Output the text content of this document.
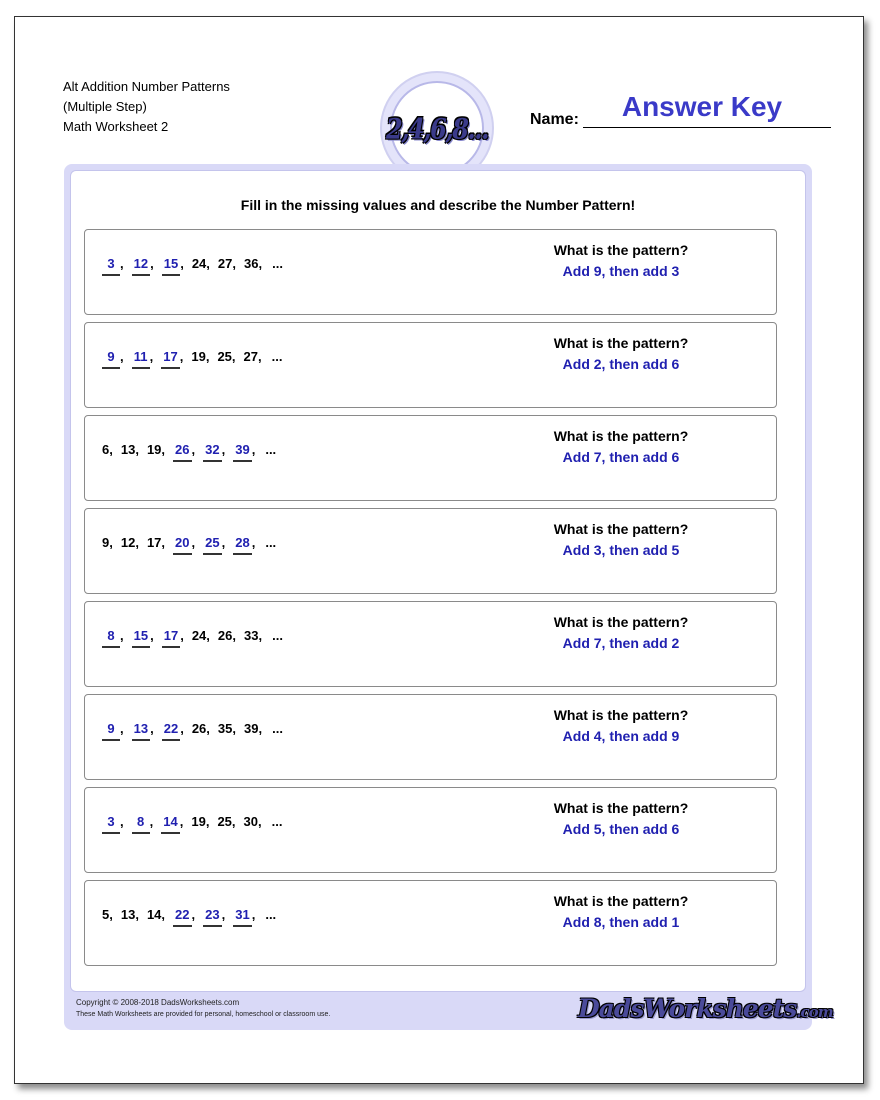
Alt Addition Number Patterns
(Multiple Step)
Math Worksheet 2	2,4,6,8...	Name:	Answer Key
Fill in the missing values and describe the Number Pattern!
3 , 12 , 15 , 24, 27, 36, ...
What is the pattern?
Add 9, then add 3
9 , 11 , 17 , 19, 25, 27, ...
What is the pattern?
Add 2, then add 6
6, 13, 19, 26 , 32 , 39 , ...
What is the pattern?
Add 7, then add 6
9, 12, 17, 20 , 25 , 28 , ...
What is the pattern?
Add 3, then add 5
8 , 15 , 17 , 24, 26, 33, ...
What is the pattern?
Add 7, then add 2
9 , 13 , 22 , 26, 35, 39, ...
What is the pattern?
Add 4, then add 9
3 ,	8 , 14 , 19, 25, 30, ...
What is the pattern?
Add 5, then add 6
5, 13, 14, 22 , 23 , 31 , ...
What is the pattern?
Add 8, then add 1
Copyright © 2008-2018 DadsWorksheets.com
These Math Worksheets are provided for personal, homeschool or classroom use.	DadsWorksheets.com
